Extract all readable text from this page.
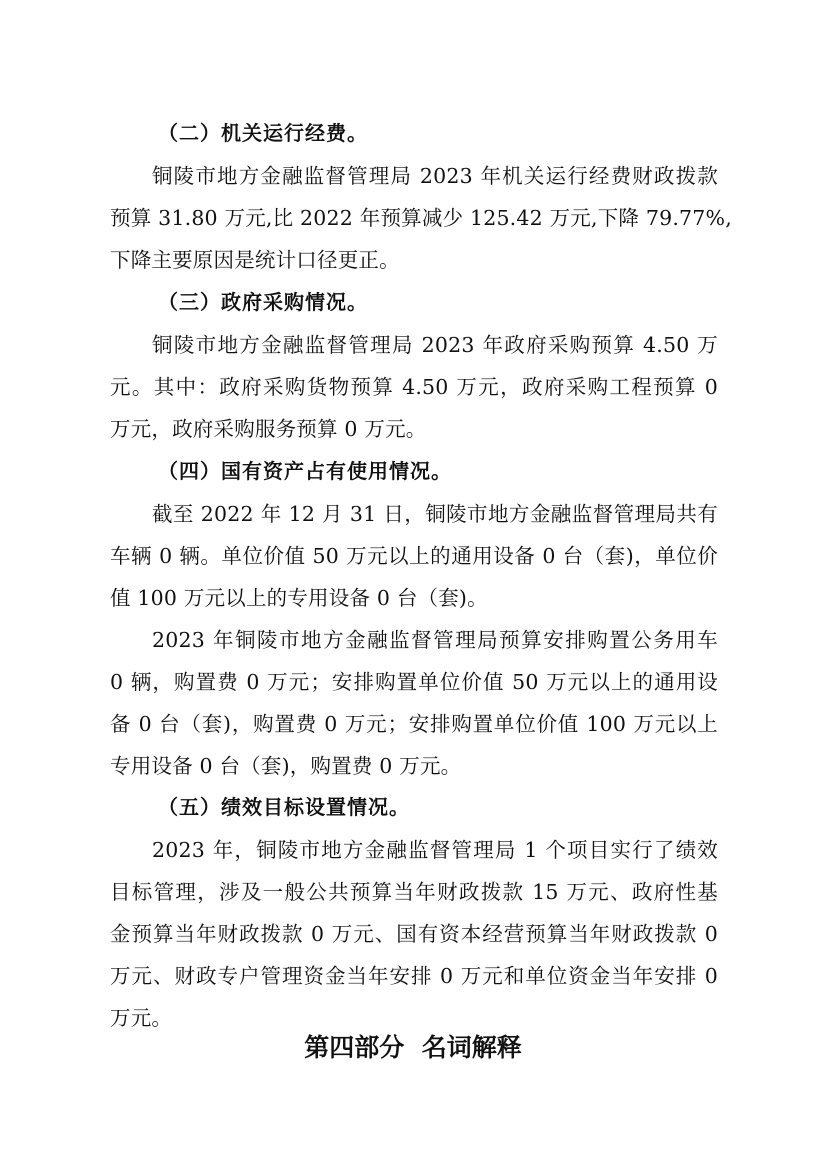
（二）机关运行经费。
铜陵市地方金融监督管理局 2023 年机关运行经费财政拨款
预算 31.80 万元,比 2022 年预算减少 125.42 万元,下降 79.77%,
下降主要原因是统计口径更正。
（三）政府采购情况。
铜陵市地方金融监督管理局 2023 年政府采购预算 4.50 万
元。其中：政府采购货物预算 4.50 万元，政府采购工程预算 0
万元，政府采购服务预算 0 万元。
（四）国有资产占有使用情况。
截至 2022 年 12 月 31 日，铜陵市地方金融监督管理局共有
车辆 0 辆。单位价值 50 万元以上的通用设备 0 台（套)，单位价
值 100 万元以上的专用设备 0 台（套)。
2023 年铜陵市地方金融监督管理局预算安排购置公务用车
0 辆，购置费 0 万元；安排购置单位价值 50 万元以上的通用设
备 0 台（套)，购置费 0 万元；安排购置单位价值 100 万元以上
专用设备 0 台（套)，购置费 0 万元。
（五）绩效目标设置情况。
2023 年，铜陵市地方金融监督管理局 1 个项目实行了绩效
目标管理，涉及一般公共预算当年财政拨款 15 万元、政府性基
金预算当年财政拨款 0 万元、国有资本经营预算当年财政拨款 0
万元、财政专户管理资金当年安排 0 万元和单位资金当年安排 0
万元。
第四部分  名词解释
